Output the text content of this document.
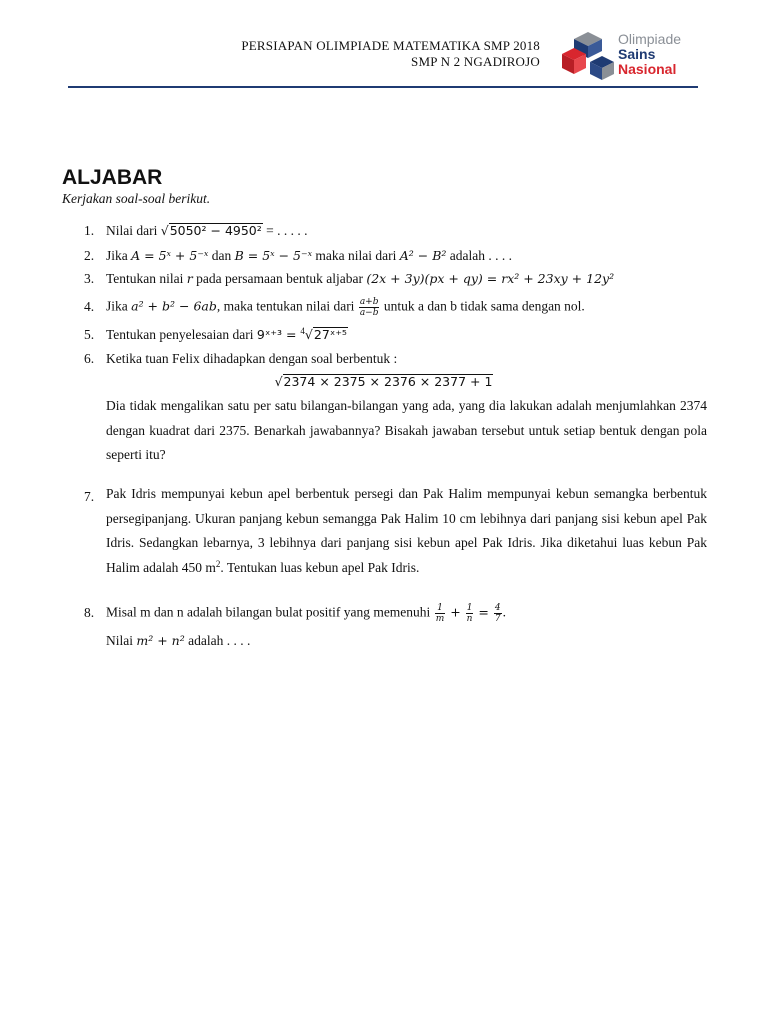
PERSIAPAN OLIMPIADE MATEMATIKA SMP 2018
SMP N 2 NGADIROJO
Olimpiade
Sains
Nasional
ALJABAR
Kerjakan soal-soal berikut.
1. Nilai dari √5050² − 4950² = . . . . .
2. Jika A = 5ˣ + 5⁻ˣ dan B = 5ˣ − 5⁻ˣ maka nilai dari A² − B² adalah . . . .
3. Tentukan nilai r pada persamaan bentuk aljabar (2x + 3y)(px + qy) = rx² + 23xy + 12y²
4. Jika a² + b² − 6ab, maka tentukan nilai dari $\frac{a+b}{a-b}$ untuk a dan b tidak sama dengan nol.
5. Tentukan penyelesaian dari 9ˣ⁺³ = $^4$√27ˣ⁺⁵
6. Ketika tuan Felix dihadapkan dengan soal berbentuk :
√2374 × 2375 × 2376 × 2377 + 1
Dia tidak mengalikan satu per satu bilangan-bilangan yang ada, yang dia lakukan adalah menjumlahkan 2374 dengan kuadrat dari 2375. Benarkah jawabannya? Bisakah jawaban tersebut untuk setiap bentuk dengan pola seperti itu?
7. Pak Idris mempunyai kebun apel berbentuk persegi dan Pak Halim mempunyai kebun semangka berbentuk persegipanjang. Ukuran panjang kebun semangga Pak Halim 10 cm lebihnya dari panjang sisi kebun apel Pak Idris. Sedangkan lebarnya, 3 lebihnya dari panjang sisi kebun apel Pak Idris. Jika diketahui luas kebun Pak Halim adalah 450 $m^2$. Tentukan luas kebun apel Pak Idris.
8. Misal m dan n adalah bilangan bulat positif yang memenuhi $\frac{1}{m} + \frac{1}{n} = \frac{4}{7}$ .
Nilai m² + n² adalah . . . .
